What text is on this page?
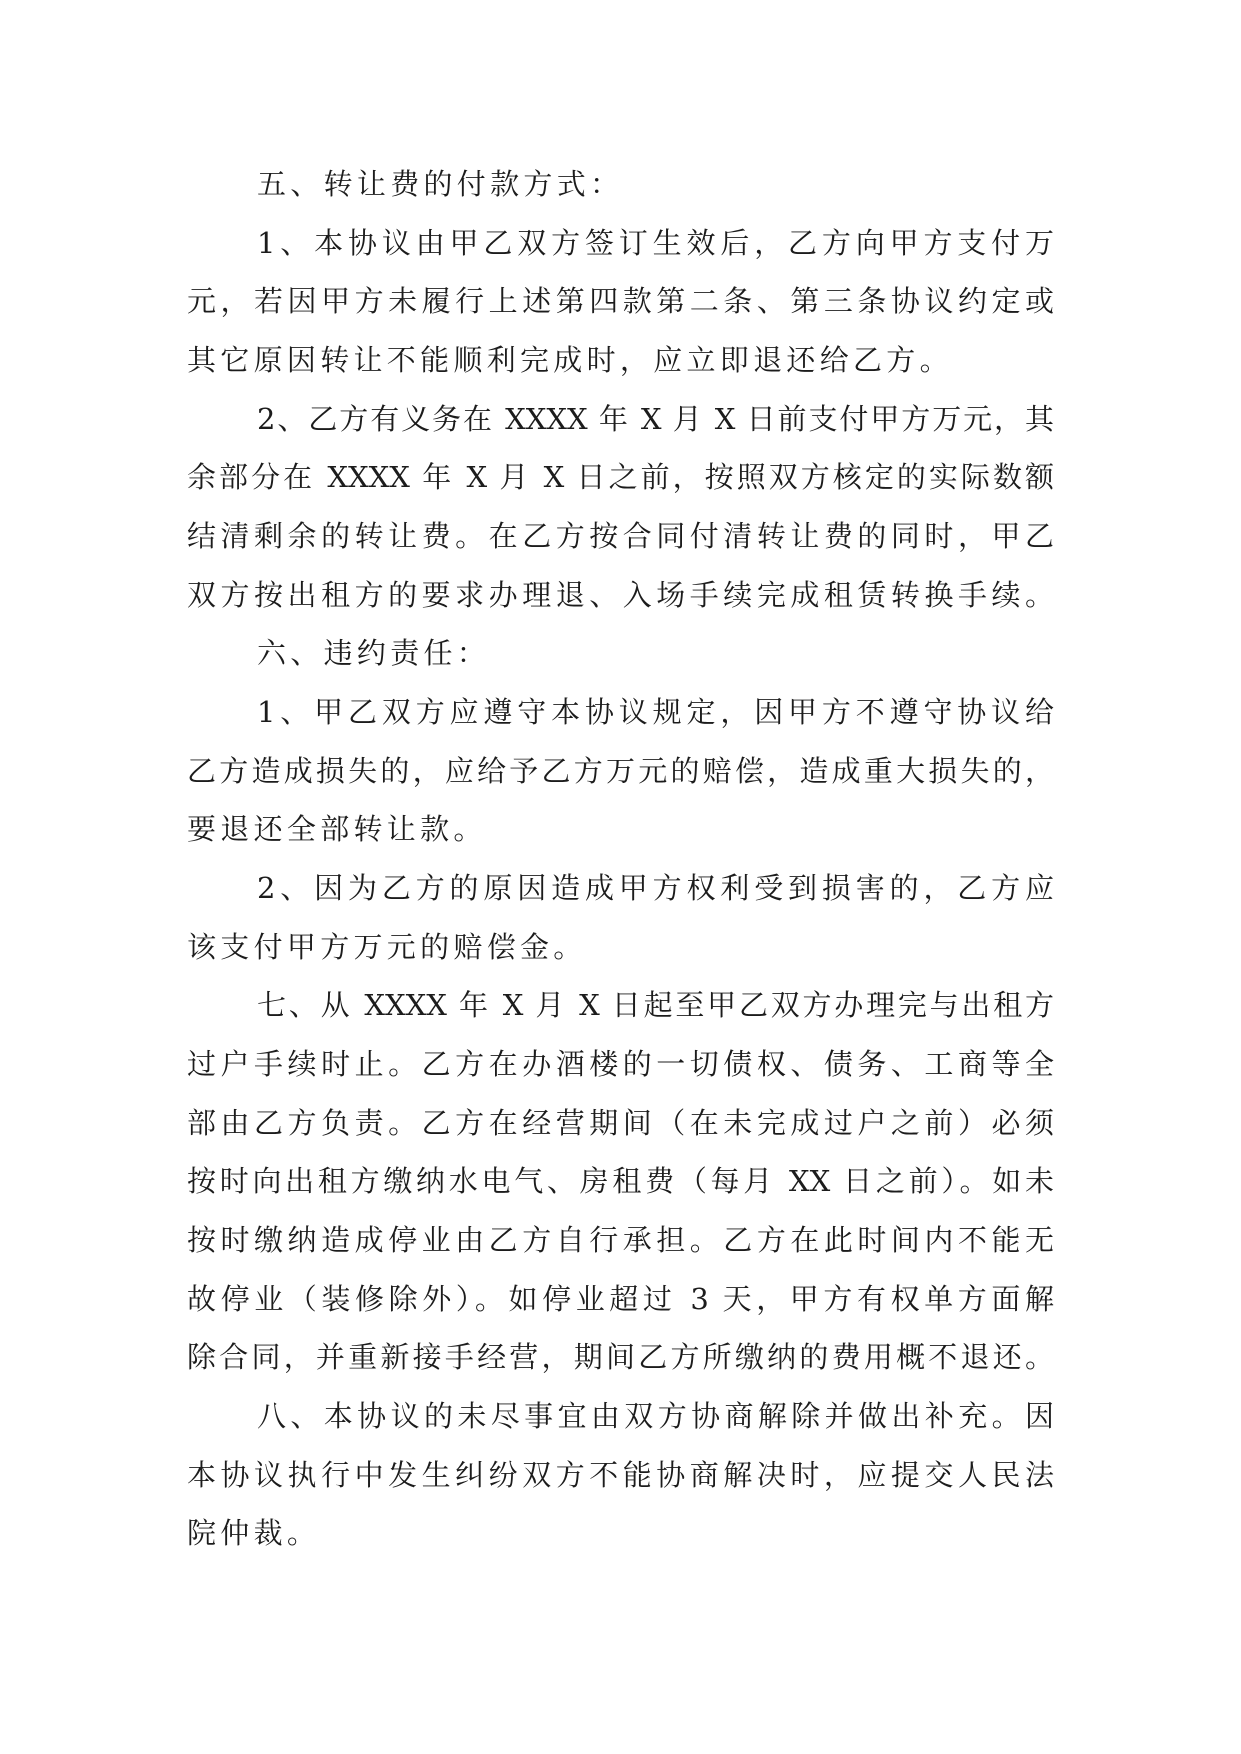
五、转让费的付款方式：
1、本协议由甲乙双方签订生效后，乙方向甲方支付万
元，若因甲方未履行上述第四款第二条、第三条协议约定或
其它原因转让不能顺利完成时，应立即退还给乙方。
2、乙方有义务在 XXXX 年 X 月 X 日前支付甲方万元，其
余部分在 XXXX 年 X 月 X 日之前，按照双方核定的实际数额
结清剩余的转让费。在乙方按合同付清转让费的同时，甲乙
双方按出租方的要求办理退、入场手续完成租赁转换手续。
六、违约责任：
1、甲乙双方应遵守本协议规定，因甲方不遵守协议给
乙方造成损失的，应给予乙方万元的赔偿，造成重大损失的，
要退还全部转让款。
2、因为乙方的原因造成甲方权利受到损害的，乙方应
该支付甲方万元的赔偿金。
七、从 XXXX 年 X 月 X 日起至甲乙双方办理完与出租方
过户手续时止。乙方在办酒楼的一切债权、债务、工商等全
部由乙方负责。乙方在经营期间（在未完成过户之前）必须
按时向出租方缴纳水电气、房租费（每月 XX 日之前）。如未
按时缴纳造成停业由乙方自行承担。乙方在此时间内不能无
故停业（装修除外）。如停业超过 3 天，甲方有权单方面解
除合同，并重新接手经营，期间乙方所缴纳的费用概不退还。
八、本协议的未尽事宜由双方协商解除并做出补充。因
本协议执行中发生纠纷双方不能协商解决时，应提交人民法
院仲裁。
